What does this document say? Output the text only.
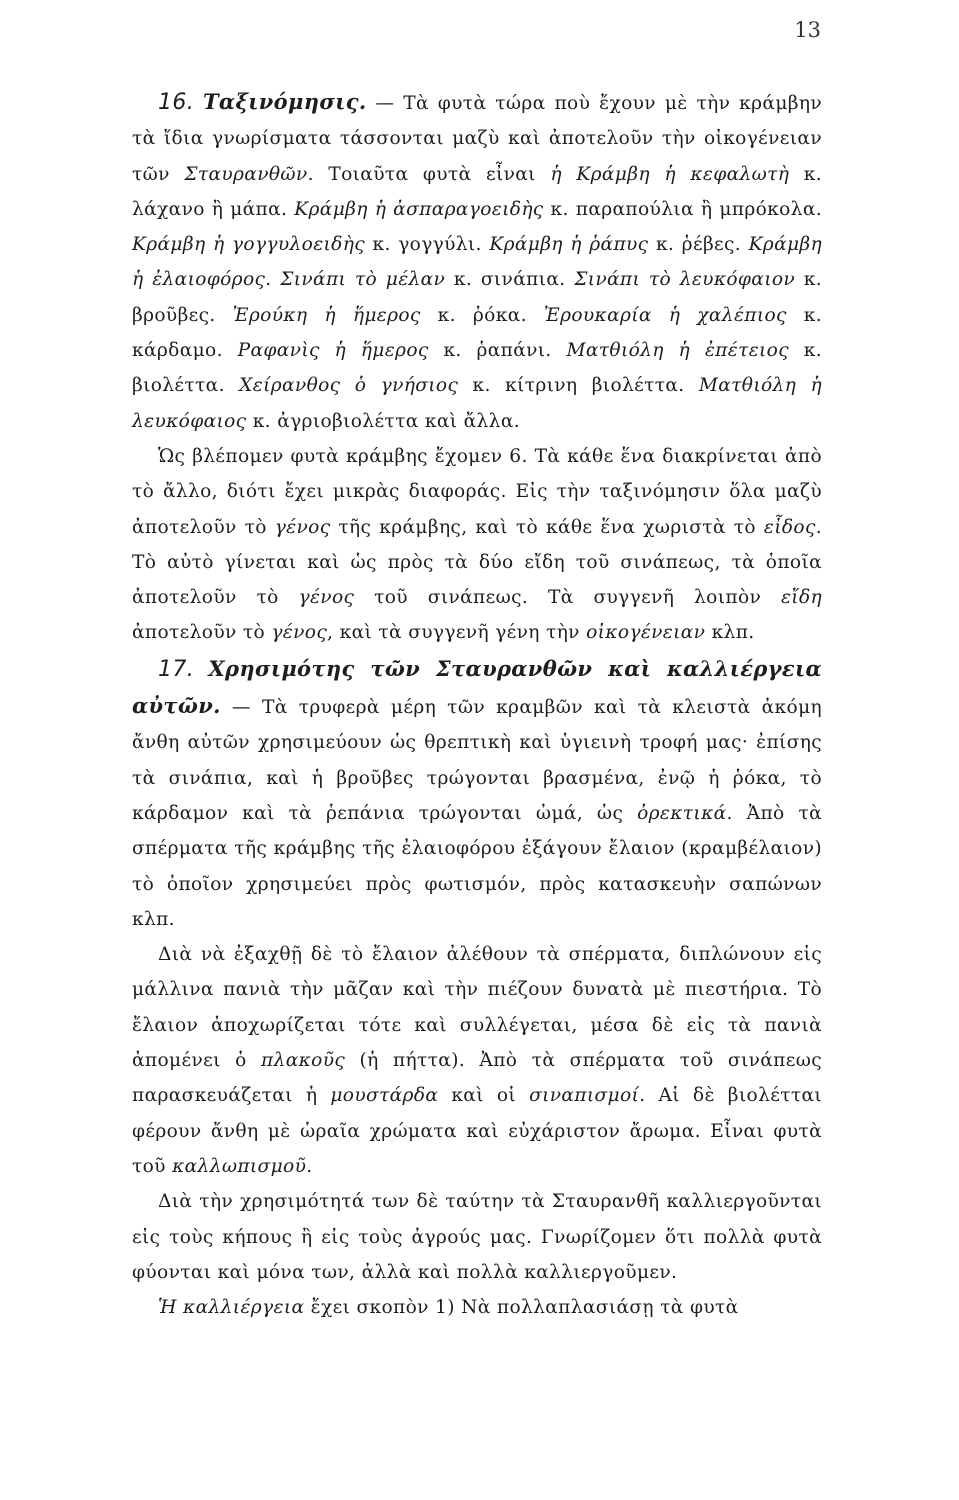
13

16. Ταξινόμησις. — Τὰ φυτὰ τώρα ποὺ ἔχουν μὲ τὴν κράμβην τὰ ἴδια γνωρίσματα τάσσονται μαζὺ καὶ ἀποτελοῦν τὴν οἰκογένειαν τῶν Σταυρανθῶν. Τοιαῦτα φυτὰ εἶναι ἡ Κράμβη ἡ κεφαλωτὴ κ. λάχανο ἢ μάπα. Κράμβη ἡ ἀσπαραγοειδὴς κ. παραπούλια ἢ μπρόκολα. Κράμβη ἡ γογγυλοειδὴς κ. γογγύλι. Κράμβη ἡ ῥάπυς κ. ῥέβες. Κράμβη ἡ ἐλαιοφόρος. Σινάπι τὸ μέλαν κ. σινάπια. Σινάπι τὸ λευκόφαιον κ. βροῦβες. Ἐρούκη ἡ ἥμερος κ. ῥόκα. Ἐρουκαρία ἡ χαλέπιος κ. κάρδαμο. Ραφανὶς ἡ ἥμερος κ. ῥαπάνι. Ματθιόλη ἡ ἐπέτειος κ. βιολέττα. Χείρανθος ὁ γνήσιος κ. κίτρινη βιολέττα. Ματθιόλη ἡ λευκόφαιος κ. ἀγριοβιολέττα καὶ ἄλλα.

Ὡς βλέπομεν φυτὰ κράμβης ἔχομεν 6. Τὰ κάθε ἕνα διακρίνεται ἀπὸ τὸ ἄλλο, διότι ἔχει μικρὰς διαφοράς. Εἰς τὴν ταξινόμησιν ὅλα μαζὺ ἀποτελοῦν τὸ γένος τῆς κράμβης, καὶ τὸ κάθε ἕνα χωριστὰ τὸ εἶδος. Τὸ αὐτὸ γίνεται καὶ ὡς πρὸς τὰ δύο εἴδη τοῦ σινάπεως, τὰ ὁποῖα ἀποτελοῦν τὸ γένος τοῦ σινάπεως. Τὰ συγγενῆ λοιπὸν εἴδη ἀποτελοῦν τὸ γένος, καὶ τὰ συγγενῆ γένη τὴν οἰκογένειαν κλπ.

17. Χρησιμότης τῶν Σταυρανθῶν καὶ καλλιέργεια αὐτῶν. — Τὰ τρυφερὰ μέρη τῶν κραμβῶν καὶ τὰ κλειστὰ ἀκόμη ἄνθη αὐτῶν χρησιμεύουν ὡς θρεπτικὴ καὶ ὑγιεινὴ τροφή μας· ἐπίσης τὰ σινάπια, καὶ ἡ βροῦβες τρώγονται βρασμένα, ἐνῷ ἡ ῥόκα, τὸ κάρδαμον καὶ τὰ ῥεπάνια τρώγονται ὠμά, ὡς ὀρεκτικά. Ἀπὸ τὰ σπέρματα τῆς κράμβης τῆς ἐλαιοφόρου ἐξάγουν ἔλαιον (κραμβέλαιον) τὸ ὁποῖον χρησιμεύει πρὸς φωτισμόν, πρὸς κατασκευὴν σαπώνων κλπ.

Διὰ νὰ ἐξαχθῇ δὲ τὸ ἔλαιον ἀλέθουν τὰ σπέρματα, διπλώνουν εἰς μάλλινα πανιὰ τὴν μᾶζαν καὶ τὴν πιέζουν δυνατὰ μὲ πιεστήρια. Τὸ ἔλαιον ἀποχωρίζεται τότε καὶ συλλέγεται, μέσα δὲ εἰς τὰ πανιὰ ἀπομένει ὁ πλακοῦς (ἡ πήττα). Ἀπὸ τὰ σπέρματα τοῦ σινάπεως παρασκευάζεται ἡ μουστάρδα καὶ οἱ σιναπισμοί. Αἱ δὲ βιολέτται φέρουν ἄνθη μὲ ὡραῖα χρώματα καὶ εὐχάριστον ἄρωμα. Εἶναι φυτὰ τοῦ καλλωπισμοῦ.

Διὰ τὴν χρησιμότητά των δὲ ταύτην τὰ Σταυρανθῆ καλλιεργοῦνται εἰς τοὺς κήπους ἢ εἰς τοὺς ἀγρούς μας. Γνωρίζομεν ὅτι πολλὰ φυτὰ φύονται καὶ μόνα των, ἀλλὰ καὶ πολλὰ καλλιεργοῦμεν.

Ἡ καλλιέργεια ἔχει σκοπὸν 1) Νὰ πολλαπλασιάσῃ τὰ φυτὰ
